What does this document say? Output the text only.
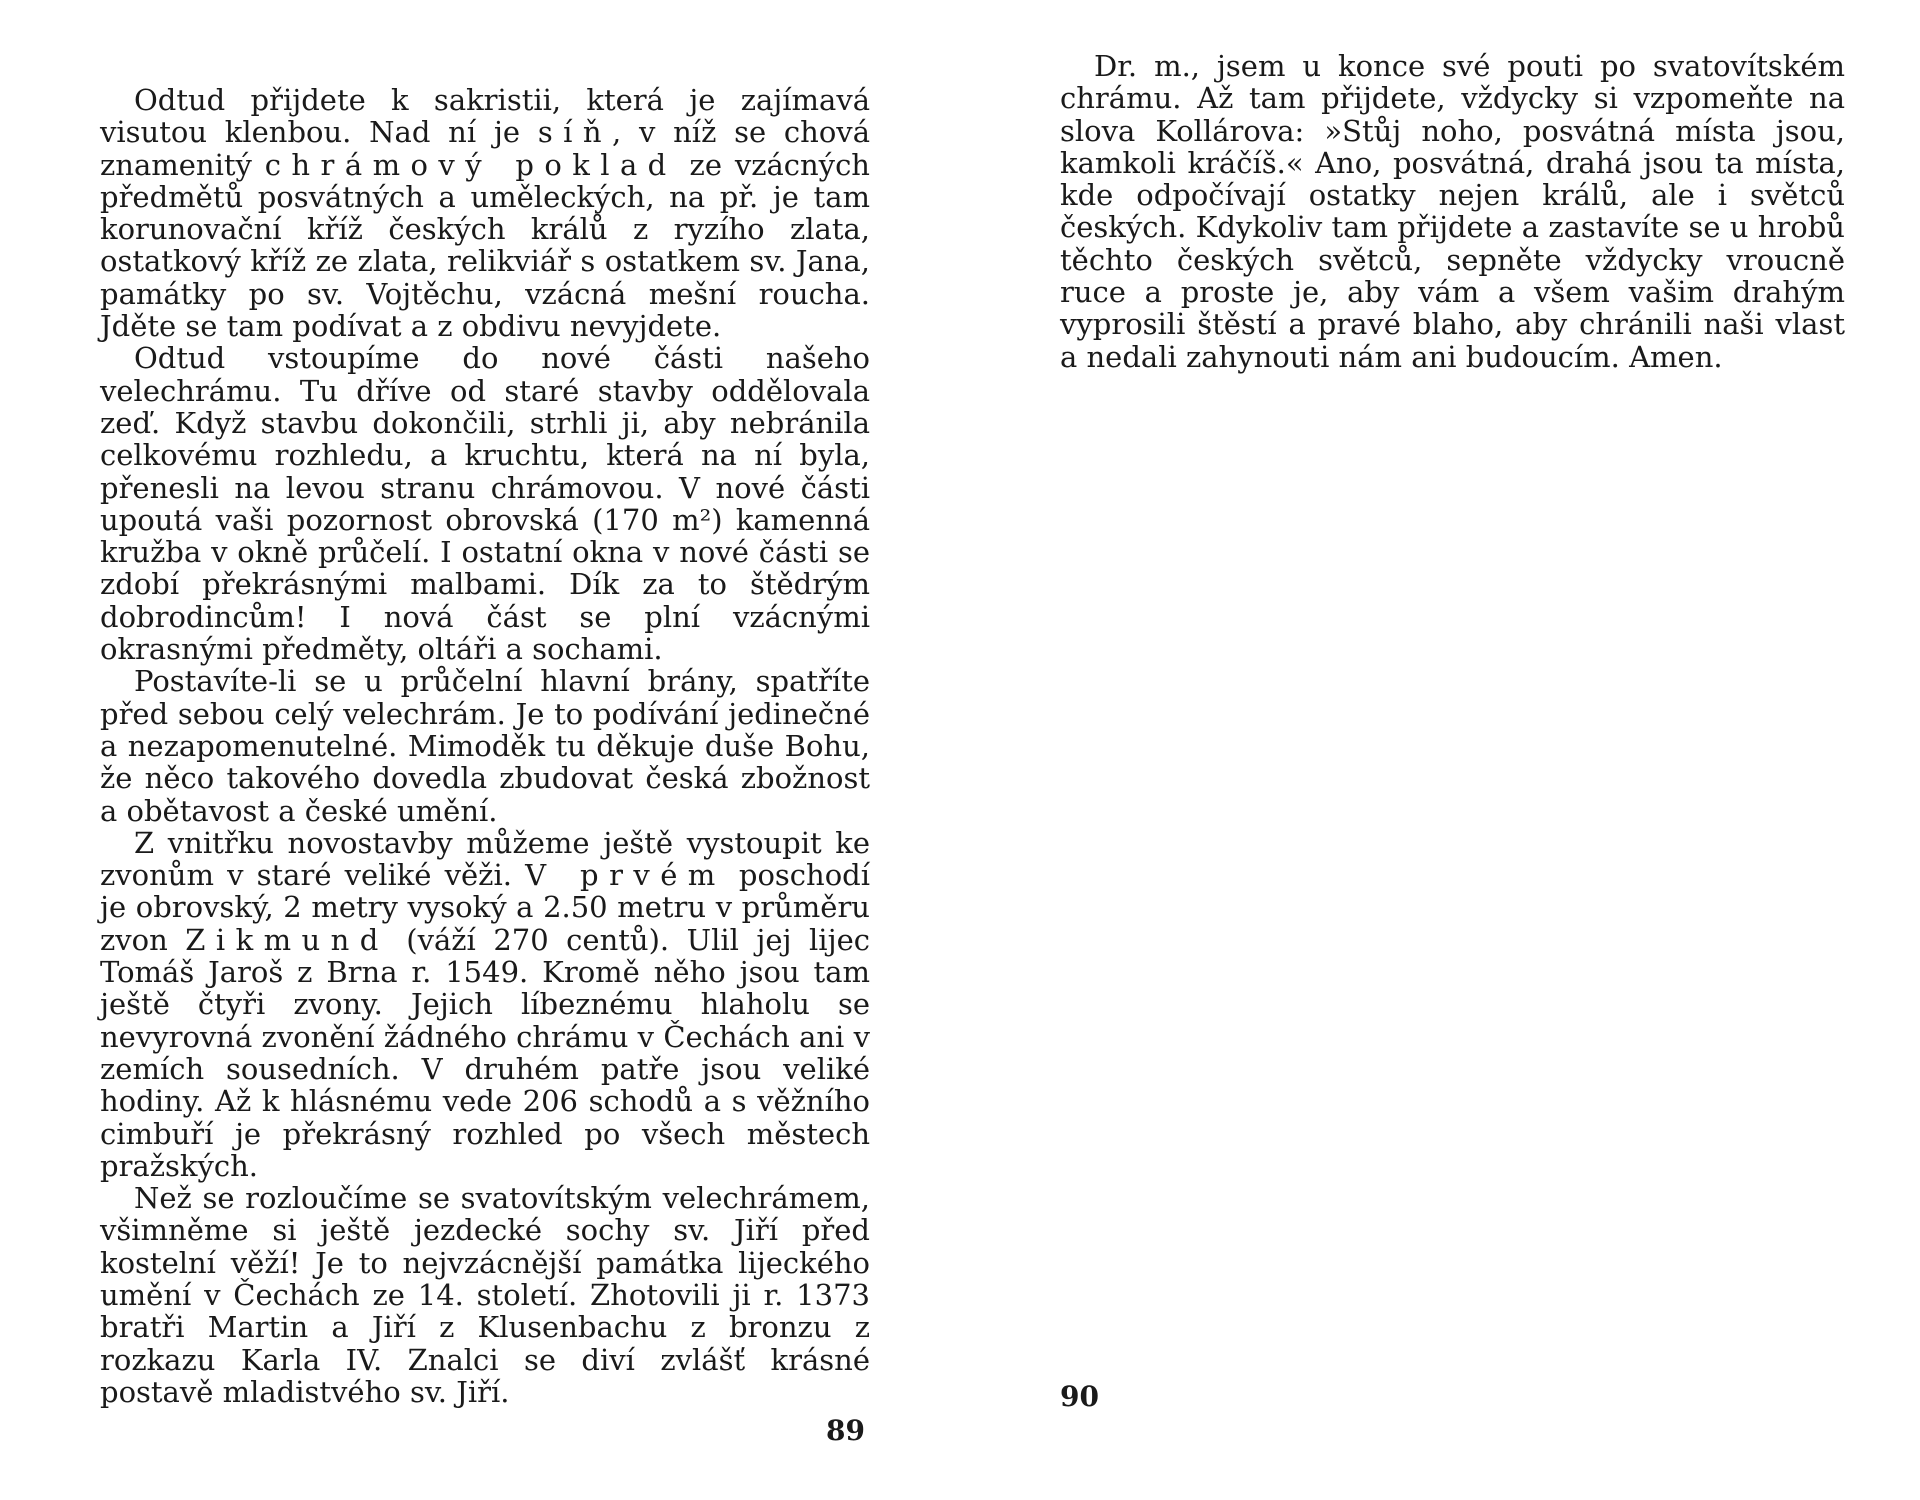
Odtud přijdete k sakristii, která je zajímavá visutou klenbou. Nad ní je síň, v níž se chová znamenitý chrámový poklad ze vzácných předmětů posvátných a uměleckých, na př. je tam korunovační kříž českých králů z ryzího zlata, ostatkový kříž ze zlata, relikviář s ostatkem sv. Jana, památky po sv. Vojtěchu, vzácná mešní roucha. Jděte se tam podívat a z obdivu nevyjdete.

Odtud vstoupíme do nové části našeho velechrámu. Tu dříve od staré stavby oddělovala zeď. Když stavbu dokončili, strhli ji, aby nebránila celkovému rozhledu, a kruchtu, která na ní byla, přenesli na levou stranu chrámovou. V nové části upoutá vaši pozornost obrovská (170 m²) kamenná kružba v okně průčelí. I ostatní okna v nové části se zdobí překrásnými malbami. Dík za to štědrým dobrodincům! I nová část se plní vzácnými okrasnými předměty, oltáři a sochami.

Postavíte-li se u průčelní hlavní brány, spatříte před sebou celý velechrám. Je to podívání jedinečné a nezapomenutelné. Mimoděk tu děkuje duše Bohu, že něco takového dovedla zbudovat česká zbožnost a obětavost a české umění.

Z vnitřku novostavby můžeme ještě vystoupit ke zvonům v staré veliké věži. V prvém poschodí je obrovský, 2 metry vysoký a 2.50 metru v průměru zvon Zikmund (váží 270 centů). Ulil jej lijec Tomáš Jaroš z Brna r. 1549. Kromě něho jsou tam ještě čtyři zvony. Jejich líbeznému hlaholu se nevyrovná zvonění žádného chrámu v Čechách ani v zemích sousedních. V druhém patře jsou veliké hodiny. Až k hlásnému vede 206 schodů a s věžního cimbuří je překrásný rozhled po všech městech pražských.

Než se rozloučíme se svatovítským velechrámem, všimněme si ještě jezdecké sochy sv. Jiří před kostelní věží! Je to nejvzácnější památka lijeckého umění v Čechách ze 14. století. Zhotovili ji r. 1373 bratři Martin a Jiří z Klusenbachu z bronzu z rozkazu Karla IV. Znalci se diví zvlášť krásné postavě mladistvého sv. Jiří.

89

Dr. m., jsem u konce své pouti po svatovítském chrámu. Až tam přijdete, vždycky si vzpomeňte na slova Kollárova: »Stůj noho, posvátná místa jsou, kamkoli kráčíš.« Ano, posvátná, drahá jsou ta místa, kde odpočívají ostatky nejen králů, ale i světců českých. Kdykoliv tam přijdete a zastavíte se u hrobů těchto českých světců, sepněte vždycky vroucně ruce a proste je, aby vám a všem vašim drahým vyprosili štěstí a pravé blaho, aby chránili naši vlast a nedali zahynouti nám ani budoucím. Amen.

90
